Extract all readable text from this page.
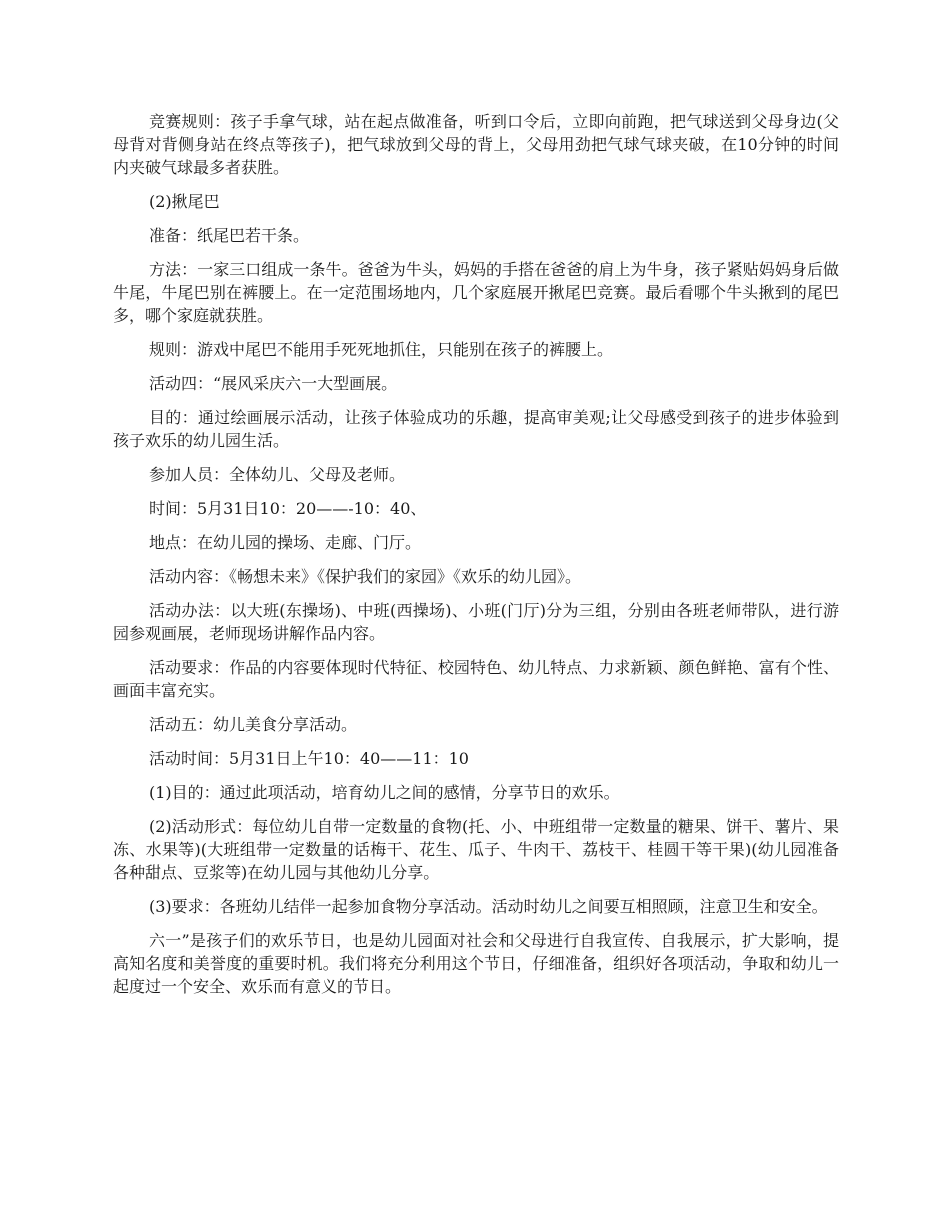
竞赛规则：孩子手拿气球，站在起点做准备，听到口令后，立即向前跑，把气球送到父母身边(父母背对背侧身站在终点等孩子)，把气球放到父母的背上，父母用劲把气球气球夹破，在10分钟的时间内夹破气球最多者获胜。

(2)揪尾巴

准备：纸尾巴若干条。

方法：一家三口组成一条牛。爸爸为牛头，妈妈的手搭在爸爸的肩上为牛身，孩子紧贴妈妈身后做牛尾，牛尾巴别在裤腰上。在一定范围场地内，几个家庭展开揪尾巴竞赛。最后看哪个牛头揪到的尾巴多，哪个家庭就获胜。

规则：游戏中尾巴不能用手死死地抓住，只能别在孩子的裤腰上。

活动四：“展风采庆六一大型画展。

目的：通过绘画展示活动，让孩子体验成功的乐趣，提高审美观;让父母感受到孩子的进步体验到孩子欢乐的幼儿园生活。

参加人员：全体幼儿、父母及老师。

时间：5月31日10：20——-10：40、

地点：在幼儿园的操场、走廊、门厅。

活动内容：《畅想未来》《保护我们的家园》《欢乐的幼儿园》。

活动办法：以大班(东操场)、中班(西操场)、小班(门厅)分为三组，分别由各班老师带队，进行游园参观画展，老师现场讲解作品内容。

活动要求：作品的内容要体现时代特征、校园特色、幼儿特点、力求新颖、颜色鲜艳、富有个性、画面丰富充实。

活动五：幼儿美食分享活动。

活动时间：5月31日上午10：40——11：10

(1)目的：通过此项活动，培育幼儿之间的感情，分享节日的欢乐。

(2)活动形式：每位幼儿自带一定数量的食物(托、小、中班组带一定数量的糖果、饼干、薯片、果冻、水果等)(大班组带一定数量的话梅干、花生、瓜子、牛肉干、荔枝干、桂圆干等干果)(幼儿园准备各种甜点、豆浆等)在幼儿园与其他幼儿分享。

(3)要求：各班幼儿结伴一起参加食物分享活动。活动时幼儿之间要互相照顾，注意卫生和安全。

六一”是孩子们的欢乐节日，也是幼儿园面对社会和父母进行自我宣传、自我展示，扩大影响，提高知名度和美誉度的重要时机。我们将充分利用这个节日，仔细准备，组织好各项活动，争取和幼儿一起度过一个安全、欢乐而有意义的节日。
